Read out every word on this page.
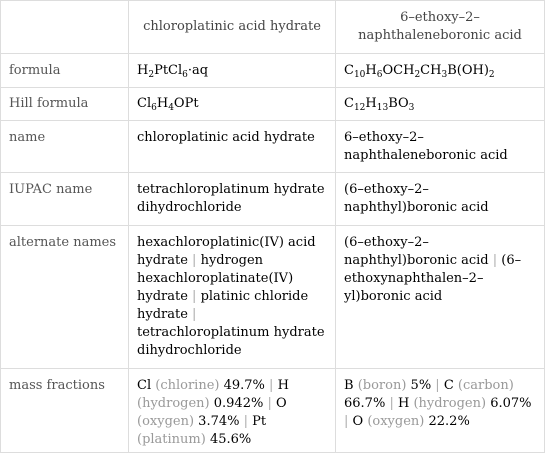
	chloroplatinic acid hydrate	6–ethoxy–2–naphthaleneboronic acid
formula	$H_2PtCl_6\cdot aq$	$C_{10}H_6OCH_2CH_3B(OH)_2$
Hill formula	$Cl_6H_4OPt$	$C_{12}H_{13}BO_3$
name	chloroplatinic acid hydrate	6–ethoxy–2–naphthaleneboronic acid
IUPAC name	tetrachloroplatinum hydrate dihydrochloride	(6–ethoxy–2–naphthyl)boronic acid
alternate names	hexachloroplatinic(IV) acid hydrate | hydrogen hexachloroplatinate(IV) hydrate | platinic chloride hydrate | tetrachloroplatinum hydrate dihydrochloride	(6–ethoxy–2–naphthyl)boronic acid | (6–ethoxynaphthalen–2–yl)boronic acid
mass fractions	Cl (chlorine) 49.7% | H (hydrogen) 0.942% | O (oxygen) 3.74% | Pt (platinum) 45.6%	B (boron) 5% | C (carbon) 66.7% | H (hydrogen) 6.07% | O (oxygen) 22.2%
